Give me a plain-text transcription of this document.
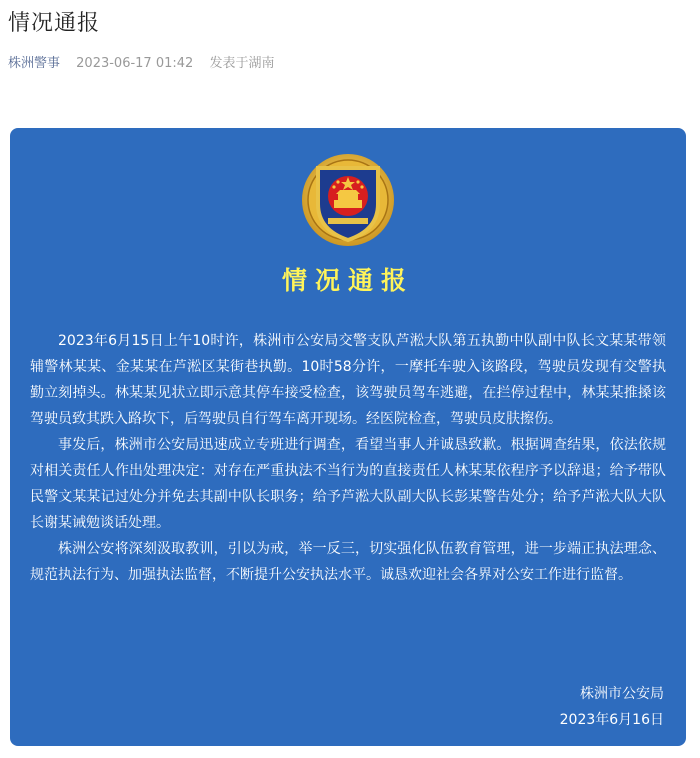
情况通报
株洲警事 2023-06-17 01:42 发表于湖南
情况通报

2023年6月15日上午10时许，株洲市公安局交警支队芦淞大队第五执勤中队副中队长文某某带领辅警林某某、金某某在芦淞区某街巷执勤。10时58分许，一摩托车驶入该路段，驾驶员发现有交警执勤立刻掉头。林某某见状立即示意其停车接受检查，该驾驶员驾车逃避，在拦停过程中，林某某推搡该驾驶员致其跌入路坎下，后驾驶员自行驾车离开现场。经医院检查，驾驶员皮肤擦伤。

事发后，株洲市公安局迅速成立专班进行调查，看望当事人并诚恳致歉。根据调查结果，依法依规对相关责任人作出处理决定：对存在严重执法不当行为的直接责任人林某某依程序予以辞退；给予带队民警文某某记过处分并免去其副中队长职务；给予芦淞大队副大队长彭某警告处分；给予芦淞大队大队长谢某诫勉谈话处理。

株洲公安将深刻汲取教训，引以为戒，举一反三，切实强化队伍教育管理，进一步端正执法理念、规范执法行为、加强执法监督，不断提升公安执法水平。诚恳欢迎社会各界对公安工作进行监督。

株洲市公安局
2023年6月16日
